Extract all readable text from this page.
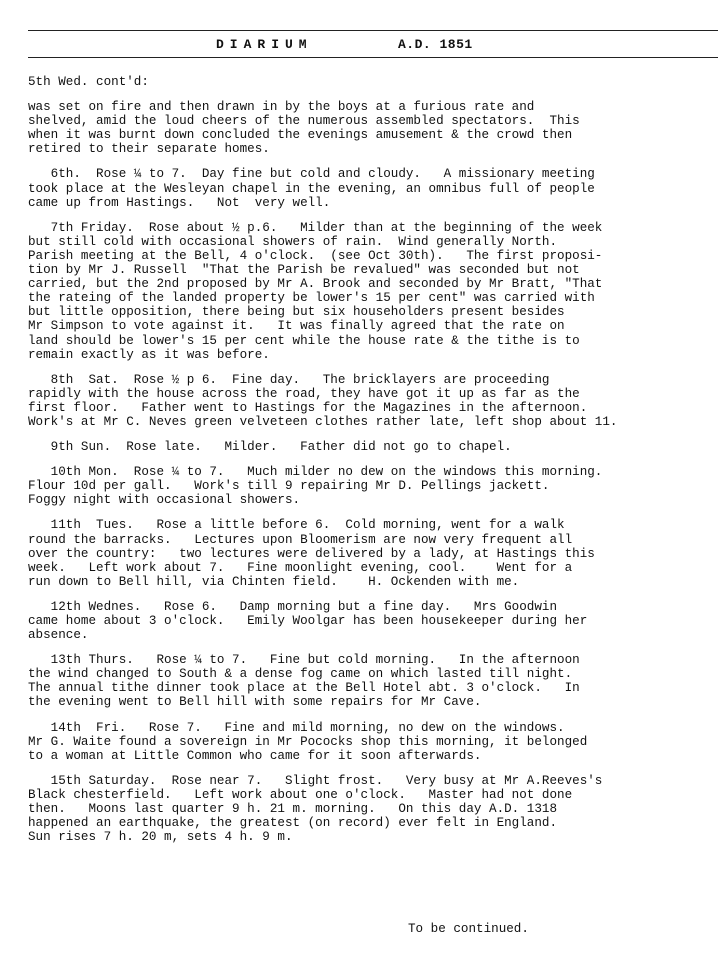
DIARIUM	A.D. 1851
5th Wed. cont'd:
was set on fire and then drawn in by the boys at a furious rate and
shelved, amid the loud cheers of the numerous assembled spectators.  This
when it was burnt down concluded the evenings amusement & the crowd then
retired to their separate homes.
6th.  Rose ¼ to 7.  Day fine but cold and cloudy.   A missionary meeting
took place at the Wesleyan chapel in the evening, an omnibus full of people
came up from Hastings.   Not  very well.
7th Friday.  Rose about ½ p.6.   Milder than at the beginning of the week
but still cold with occasional showers of rain.  Wind generally North.
Parish meeting at the Bell, 4 o'clock.  (see Oct 30th).   The first proposi-
tion by Mr J. Russell  "That the Parish be revalued" was seconded but not
carried, but the 2nd proposed by Mr A. Brook and seconded by Mr Bratt, "That
the rateing of the landed property be lower's 15 per cent" was carried with
but little opposition, there being but six householders present besides
Mr Simpson to vote against it.   It was finally agreed that the rate on
land should be lower's 15 per cent while the house rate & the tithe is to
remain exactly as it was before.
8th  Sat.  Rose ½ p 6.  Fine day.   The bricklayers are proceeding
rapidly with the house across the road, they have got it up as far as the
first floor.   Father went to Hastings for the Magazines in the afternoon.
Work's at Mr C. Neves green velveteen clothes rather late, left shop about 11.
9th Sun.  Rose late.   Milder.   Father did not go to chapel.
10th Mon.  Rose ¼ to 7.   Much milder no dew on the windows this morning.
Flour 10d per gall.   Work's till 9 repairing Mr D. Pellings jackett.
Foggy night with occasional showers.
11th  Tues.   Rose a little before 6.  Cold morning, went for a walk
round the barracks.   Lectures upon Bloomerism are now very frequent all
over the country:   two lectures were delivered by a lady, at Hastings this
week.   Left work about 7.   Fine moonlight evening, cool.    Went for a
run down to Bell hill, via Chinten field.    H. Ockenden with me.
12th Wednes.   Rose 6.   Damp morning but a fine day.   Mrs Goodwin
came home about 3 o'clock.   Emily Woolgar has been housekeeper during her
absence.
13th Thurs.   Rose ¼ to 7.   Fine but cold morning.   In the afternoon
the wind changed to South & a dense fog came on which lasted till night.
The annual tithe dinner took place at the Bell Hotel abt. 3 o'clock.   In
the evening went to Bell hill with some repairs for Mr Cave.
14th  Fri.   Rose 7.   Fine and mild morning, no dew on the windows.
Mr G. Waite found a sovereign in Mr Pococks shop this morning, it belonged
to a woman at Little Common who came for it soon afterwards.
15th Saturday.  Rose near 7.   Slight frost.   Very busy at Mr A.Reeves's
Black chesterfield.   Left work about one o'clock.   Master had not done
then.   Moons last quarter 9 h. 21 m. morning.   On this day A.D. 1318
happened an earthquake, the greatest (on record) ever felt in England.
Sun rises 7 h. 20 m, sets 4 h. 9 m.
To be continued.
